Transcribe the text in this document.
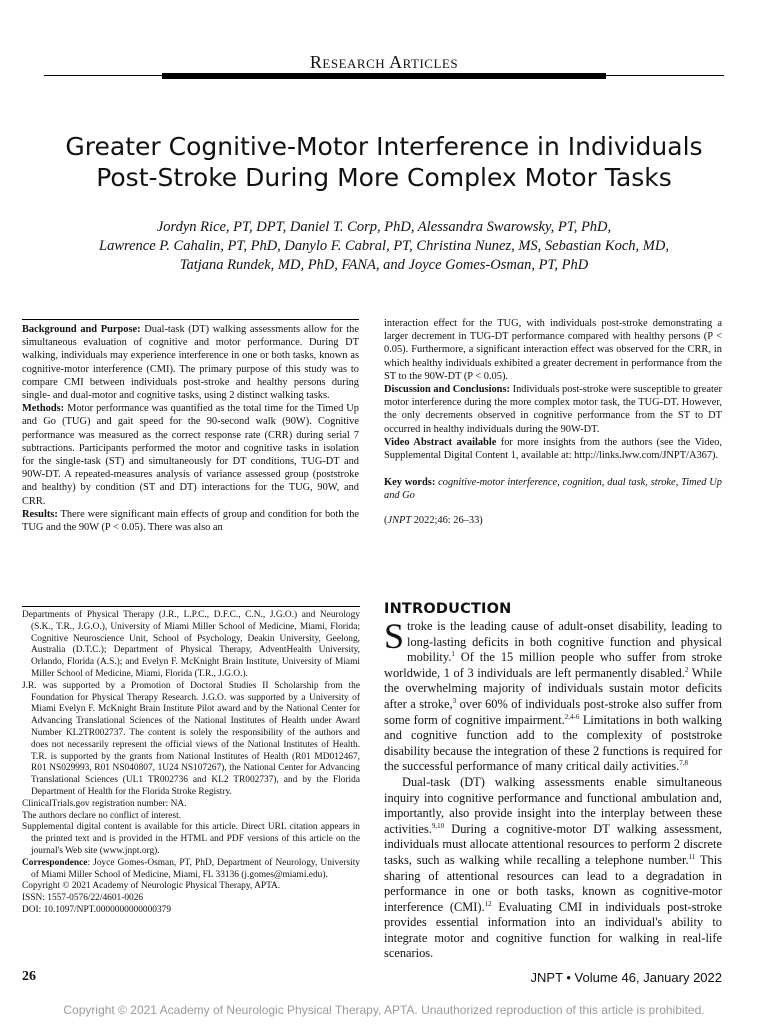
Research Articles
Greater Cognitive-Motor Interference in Individuals
Post-Stroke During More Complex Motor Tasks
Jordyn Rice, PT, DPT, Daniel T. Corp, PhD, Alessandra Swarowsky, PT, PhD,
Lawrence P. Cahalin, PT, PhD, Danylo F. Cabral, PT, Christina Nunez, MS, Sebastian Koch, MD,
Tatjana Rundek, MD, PhD, FANA, and Joyce Gomes-Osman, PT, PhD

Background and Purpose: Dual-task (DT) walking assessments allow for the simultaneous evaluation of cognitive and motor performance. During DT walking, individuals may experience interference in one or both tasks, known as cognitive-motor interference (CMI). The primary purpose of this study was to compare CMI between individuals post-stroke and healthy persons during single- and dual-motor and cognitive tasks, using 2 distinct walking tasks.

Methods: Motor performance was quantified as the total time for the Timed Up and Go (TUG) and gait speed for the 90-second walk (90W). Cognitive performance was measured as the correct response rate (CRR) during serial 7 subtractions. Participants performed the motor and cognitive tasks in isolation for the single-task (ST) and simultaneously for DT conditions, TUG-DT and 90W-DT. A repeated-measures analysis of variance assessed group (poststroke and healthy) by condition (ST and DT) interactions for the TUG, 90W, and CRR.

Results: There were significant main effects of group and condition for both the TUG and the 90W (P < 0.05). There was also an

interaction effect for the TUG, with individuals post-stroke demonstrating a larger decrement in TUG-DT performance compared with healthy persons (P < 0.05). Furthermore, a significant interaction effect was observed for the CRR, in which healthy individuals exhibited a greater decrement in performance from the ST to the 90W-DT (P < 0.05).

Discussion and Conclusions: Individuals post-stroke were susceptible to greater motor interference during the more complex motor task, the TUG-DT. However, the only decrements observed in cognitive performance from the ST to DT occurred in healthy individuals during the 90W-DT.

Video Abstract available for more insights from the authors (see the Video, Supplemental Digital Content 1, available at: http://links.lww.com/JNPT/A367).

Key words: cognitive-motor interference, cognition, dual task, stroke, Timed Up and Go

(JNPT 2022;46: 26–33)

Departments of Physical Therapy (J.R., L.P.C., D.F.C., C.N., J.G.O.) and Neurology (S.K., T.R., J.G.O.), University of Miami Miller School of Medicine, Miami, Florida; Cognitive Neuroscience Unit, School of Psychology, Deakin University, Geelong, Australia (D.T.C.); Department of Physical Therapy, AdventHealth University, Orlando, Florida (A.S.); and Evelyn F. McKnight Brain Institute, University of Miami Miller School of Medicine, Miami, Florida (T.R., J.G.O.).

J.R. was supported by a Promotion of Doctoral Studies II Scholarship from the Foundation for Physical Therapy Research. J.G.O. was supported by a University of Miami Evelyn F. McKnight Brain Institute Pilot award and by the National Center for Advancing Translational Sciences of the National Institutes of Health under Award Number KL2TR002737. The content is solely the responsibility of the authors and does not necessarily represent the official views of the National Institutes of Health. T.R. is supported by the grants from National Institutes of Health (R01 MD012467, R01 NS029993, R01 NS040807, 1U24 NS107267), the National Center for Advancing Translational Sciences (UL1 TR002736 and KL2 TR002737), and by the Florida Department of Health for the Florida Stroke Registry.

ClinicalTrials.gov registration number: NA.

The authors declare no conflict of interest.

Supplemental digital content is available for this article. Direct URL citation appears in the printed text and is provided in the HTML and PDF versions of this article on the journal's Web site (www.jnpt.org).

Correspondence: Joyce Gomes-Osman, PT, PhD, Department of Neurology, University of Miami Miller School of Medicine, Miami, FL 33136 (j.gomes@miami.edu).

Copyright © 2021 Academy of Neurologic Physical Therapy, APTA.

ISSN: 1557-0576/22/4601-0026

DOI: 10.1097/NPT.0000000000000379

INTRODUCTION

Stroke is the leading cause of adult-onset disability, leading to long-lasting deficits in both cognitive function and physical mobility.$^1$ Of the 15 million people who suffer from stroke worldwide, 1 of 3 individuals are left permanently disabled.$^2$ While the overwhelming majority of individuals sustain motor deficits after a stroke,$^3$ over 60% of individuals post-stroke also suffer from some form of cognitive impairment.$^{2,4-6}$ Limitations in both walking and cognitive function add to the complexity of poststroke disability because the integration of these 2 functions is required for the successful performance of many critical daily activities.$^{7,8}$

Dual-task (DT) walking assessments enable simultaneous inquiry into cognitive performance and functional ambulation and, importantly, also provide insight into the interplay between these activities.$^{9,10}$ During a cognitive-motor DT walking assessment, individuals must allocate attentional resources to perform 2 discrete tasks, such as walking while recalling a telephone number.$^{11}$ This sharing of attentional resources can lead to a degradation in performance in one or both tasks, known as cognitive-motor interference (CMI).$^{12}$ Evaluating CMI in individuals post-stroke provides essential information into an individual's ability to integrate motor and cognitive function for walking in real-life scenarios.

26	JNPT • Volume 46, January 2022
Copyright © 2021 Academy of Neurologic Physical Therapy, APTA. Unauthorized reproduction of this article is prohibited.
